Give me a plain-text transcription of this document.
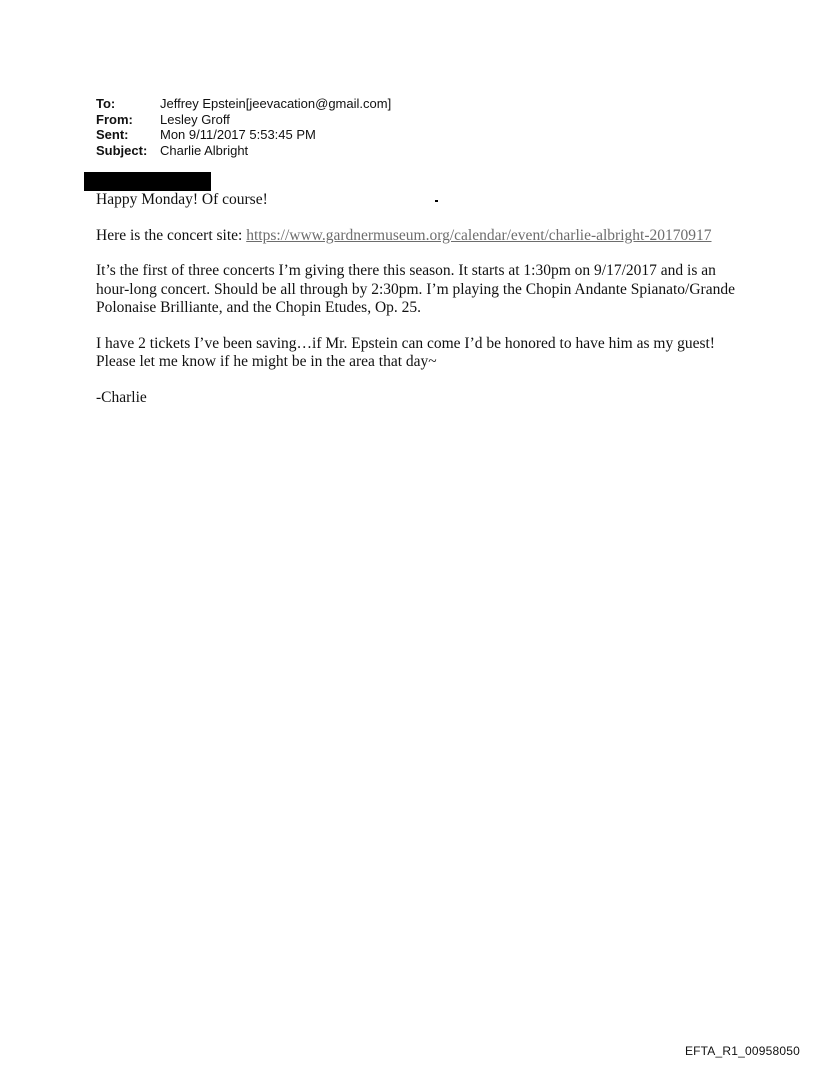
To:	Jeffrey Epstein[jeevacation@gmail.com]
From:	Lesley Groff
Sent:	Mon 9/11/2017 5:53:45 PM
Subject: Charlie Albright

Happy Monday! Of course!

Here is the concert site: https://www.gardnermuseum.org/calendar/event/charlie-albright-20170917

It’s the first of three concerts I’m giving there this season. It starts at 1:30pm on 9/17/2017 and is an hour-long concert. Should be all through by 2:30pm. I’m playing the Chopin Andante Spianato/Grande Polonaise Brilliante, and the Chopin Etudes, Op. 25.

I have 2 tickets I’ve been saving…if Mr. Epstein can come I’d be honored to have him as my guest! Please let me know if he might be in the area that day~

-Charlie

EFTA_R1_00958050
